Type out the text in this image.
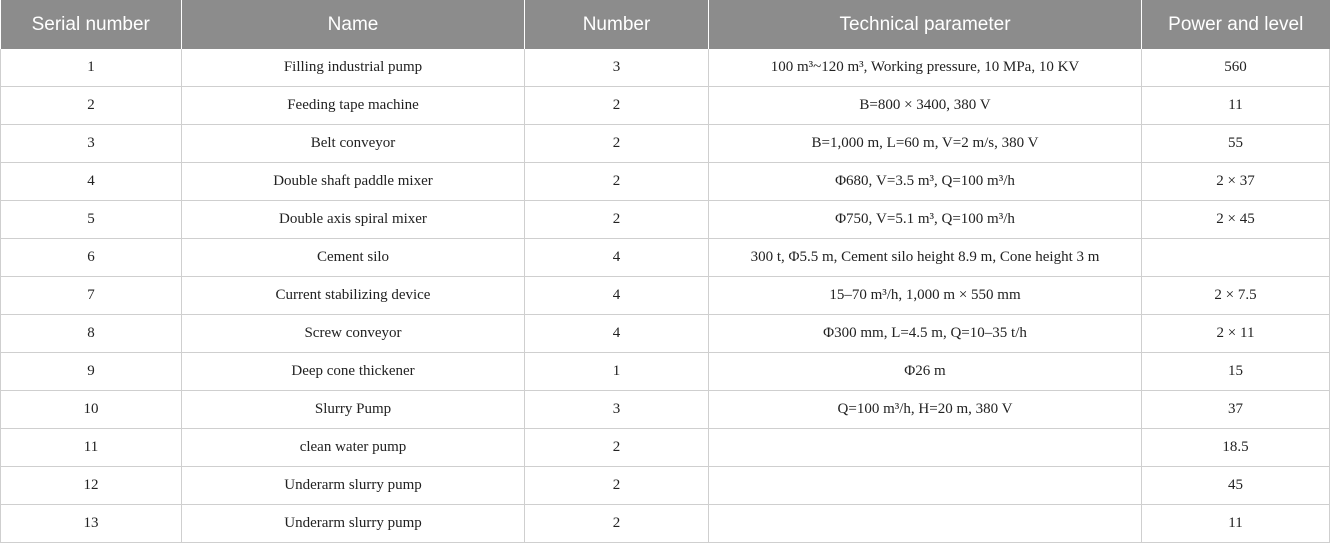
Serial number	Name	Number	Technical parameter	Power and level
1	Filling industrial pump	3	100 m³~120 m³, Working pressure, 10 MPa, 10 KV	560
2	Feeding tape machine	2	B=800 × 3400, 380 V	11
3	Belt conveyor	2	B=1,000 m, L=60 m, V=2 m/s, 380 V	55
4	Double shaft paddle mixer	2	Φ680, V=3.5 m³, Q=100 m³/h	2 × 37
5	Double axis spiral mixer	2	Φ750, V=5.1 m³, Q=100 m³/h	2 × 45
6	Cement silo	4	300 t, Φ5.5 m, Cement silo height 8.9 m, Cone height 3 m	
7	Current stabilizing device	4	15–70 m³/h, 1,000 m × 550 mm	2 × 7.5
8	Screw conveyor	4	Φ300 mm, L=4.5 m, Q=10–35 t/h	2 × 11
9	Deep cone thickener	1	Φ26 m	15
10	Slurry Pump	3	Q=100 m³/h, H=20 m, 380 V	37
11	clean water pump	2		18.5
12	Underarm slurry pump	2		45
13	Underarm slurry pump	2		11
